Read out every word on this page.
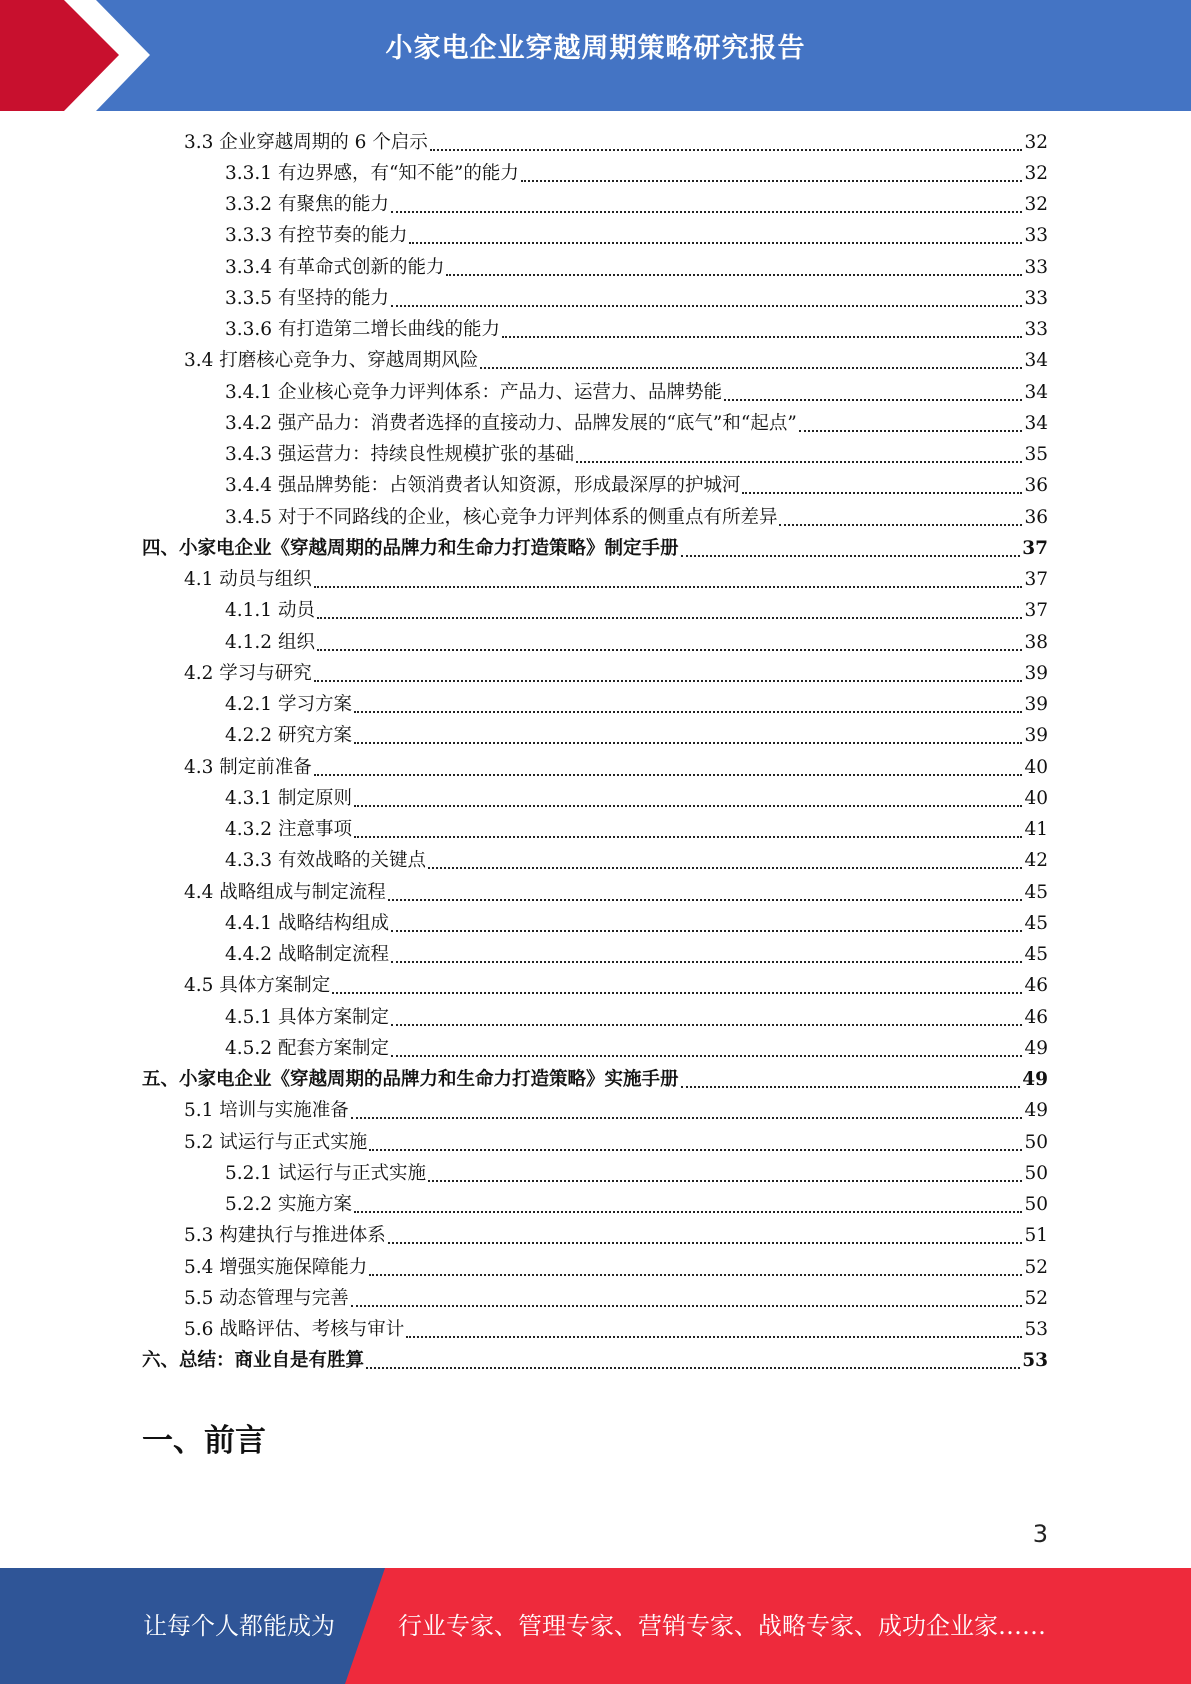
小家电企业穿越周期策略研究报告
3.3 企业穿越周期的 6 个启示	32
3.3.1 有边界感，有“知不能”的能力	32
3.3.2 有聚焦的能力	32
3.3.3 有控节奏的能力	33
3.3.4 有革命式创新的能力	33
3.3.5 有坚持的能力	33
3.3.6 有打造第二增长曲线的能力	33
3.4 打磨核心竞争力、穿越周期风险	34
3.4.1 企业核心竞争力评判体系：产品力、运营力、品牌势能	34
3.4.2 强产品力：消费者选择的直接动力、品牌发展的“底气”和“起点”	34
3.4.3 强运营力：持续良性规模扩张的基础	35
3.4.4 强品牌势能：占领消费者认知资源，形成最深厚的护城河	36
3.4.5 对于不同路线的企业，核心竞争力评判体系的侧重点有所差异	36
四、小家电企业《穿越周期的品牌力和生命力打造策略》制定手册	37
4.1 动员与组织	37
4.1.1 动员	37
4.1.2 组织	38
4.2 学习与研究	39
4.2.1 学习方案	39
4.2.2 研究方案	39
4.3 制定前准备	40
4.3.1 制定原则	40
4.3.2 注意事项	41
4.3.3 有效战略的关键点	42
4.4 战略组成与制定流程	45
4.4.1 战略结构组成	45
4.4.2 战略制定流程	45
4.5 具体方案制定	46
4.5.1 具体方案制定	46
4.5.2 配套方案制定	49
五、小家电企业《穿越周期的品牌力和生命力打造策略》实施手册	49
5.1 培训与实施准备	49
5.2 试运行与正式实施	50
5.2.1 试运行与正式实施	50
5.2.2 实施方案	50
5.3 构建执行与推进体系	51
5.4 增强实施保障能力	52
5.5 动态管理与完善	52
5.6 战略评估、考核与审计	53
六、总结：商业自是有胜算	53
一、前言
3
让每个人都能成为	行业专家、管理专家、营销专家、战略专家、成功企业家……
